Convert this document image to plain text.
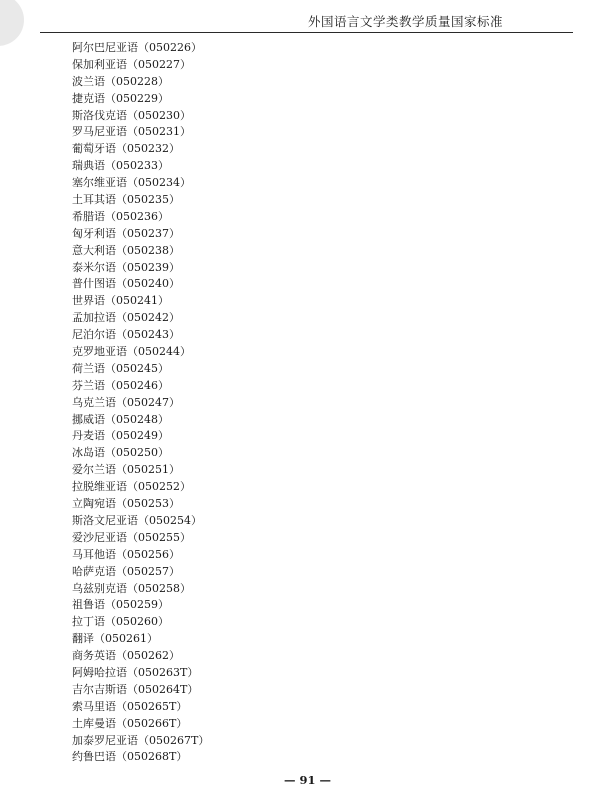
外国语言文学类教学质量国家标准
阿尔巴尼亚语（050226）
保加利亚语（050227）
波兰语（050228）
捷克语（050229）
斯洛伐克语（050230）
罗马尼亚语（050231）
葡萄牙语（050232）
瑞典语（050233）
塞尔维亚语（050234）
土耳其语（050235）
希腊语（050236）
匈牙利语（050237）
意大利语（050238）
泰米尔语（050239）
普什图语（050240）
世界语（050241）
孟加拉语（050242）
尼泊尔语（050243）
克罗地亚语（050244）
荷兰语（050245）
芬兰语（050246）
乌克兰语（050247）
挪威语（050248）
丹麦语（050249）
冰岛语（050250）
爱尔兰语（050251）
拉脱维亚语（050252）
立陶宛语（050253）
斯洛文尼亚语（050254）
爱沙尼亚语（050255）
马耳他语（050256）
哈萨克语（050257）
乌兹别克语（050258）
祖鲁语（050259）
拉丁语（050260）
翻译（050261）
商务英语（050262）
阿姆哈拉语（050263T）
吉尔吉斯语（050264T）
索马里语（050265T）
土库曼语（050266T）
加泰罗尼亚语（050267T）
约鲁巴语（050268T）
— 91 —
